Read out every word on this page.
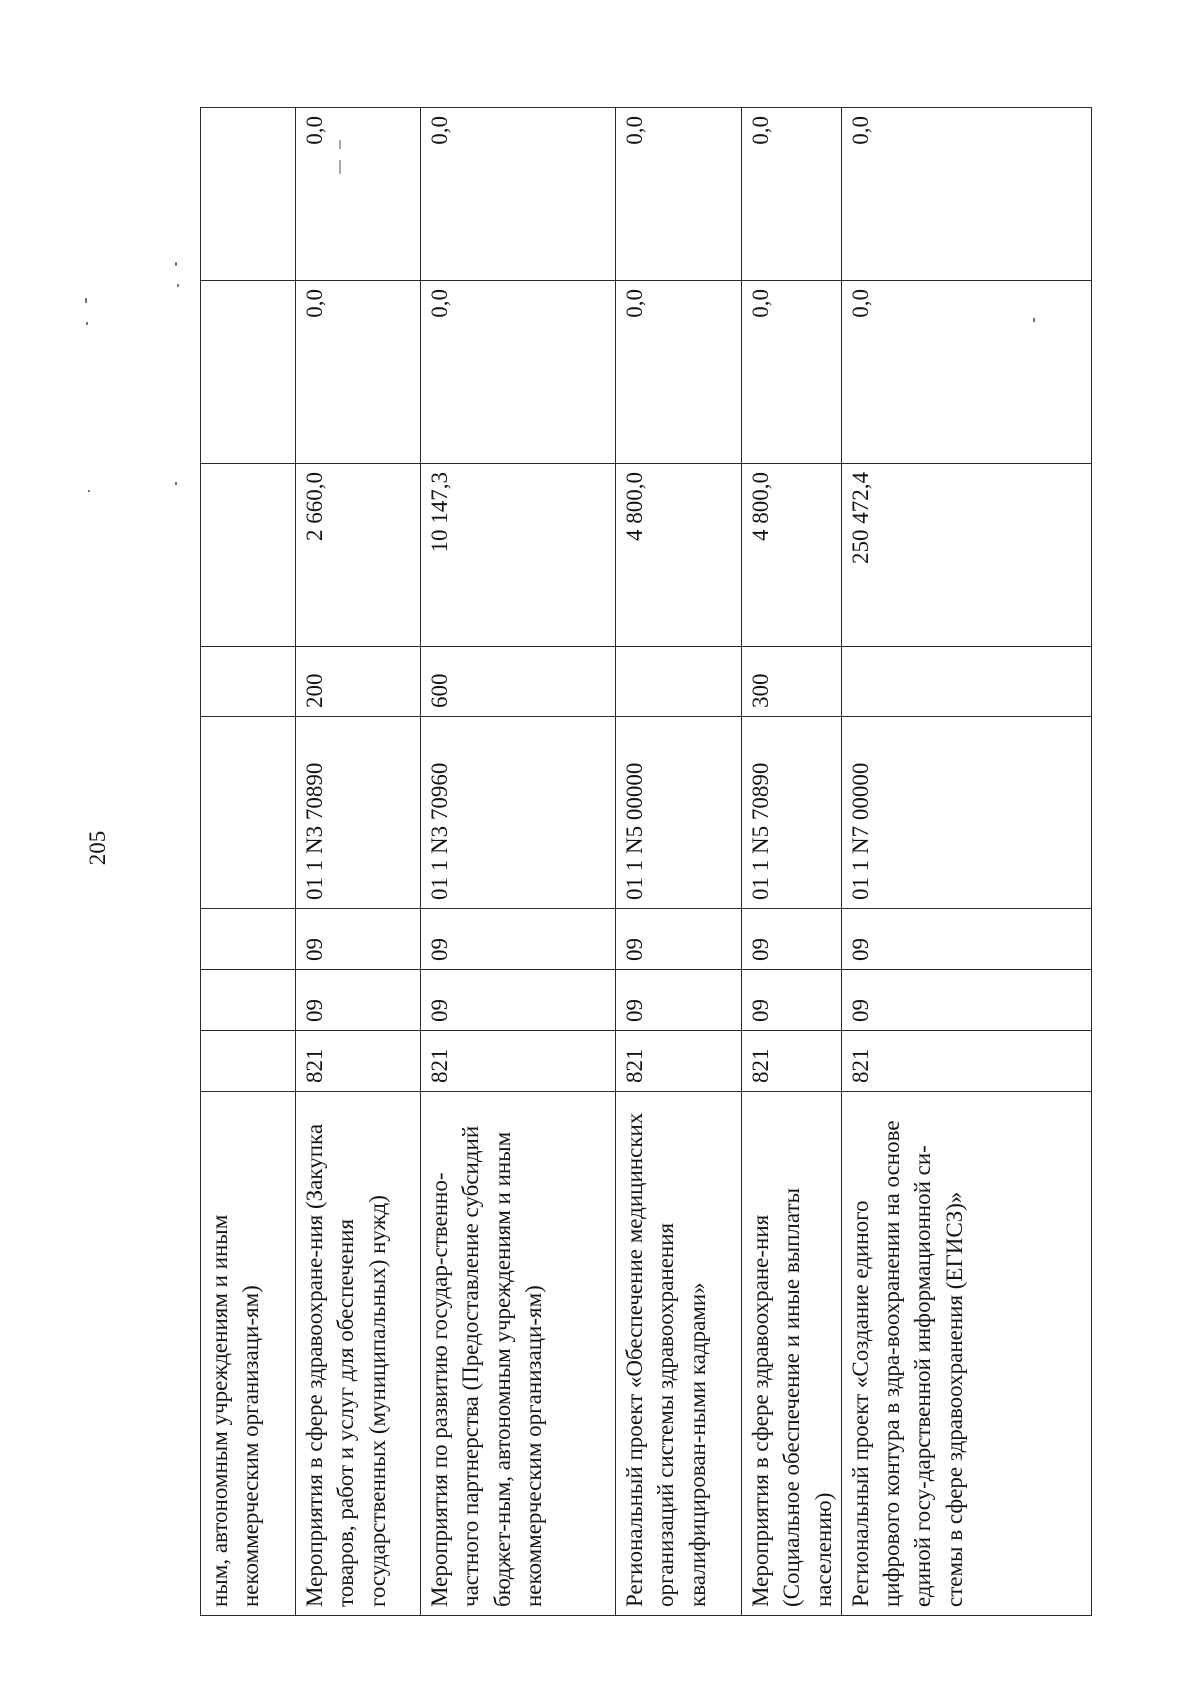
205
ным, автономным учреждениям и иным некоммерческим организаци-ям)								
Мероприятия в сфере здравоохране-ния (Закупка товаров, работ и услуг для обеспечения государственных (муниципальных) нужд)	821	09	09	01 1 N3 70890	200	2 660,0	0,0	0,0
Мероприятия по развитию государ-ственно-частного партнерства (Предоставление субсидий бюджет-ным, автономным учреждениям и иным некоммерческим организаци-ям)	821	09	09	01 1 N3 70960	600	10 147,3	0,0	0,0
Региональный проект «Обеспечение медицинских организаций системы здравоохранения квалифицирован-ными кадрами»	821	09	09	01 1 N5 00000		4 800,0	0,0	0,0
Мероприятия в сфере здравоохране-ния (Социальное обеспечение и иные выплаты населению)	821	09	09	01 1 N5 70890	300	4 800,0	0,0	0,0
Региональный проект «Создание единого цифрового контура в здра-воохранении на основе единой госу-дарственной информационной си-стемы в сфере здравоохранения (ЕГИСЗ)»	821	09	09	01 1 N7 00000		250 472,4	0,0	0,0
